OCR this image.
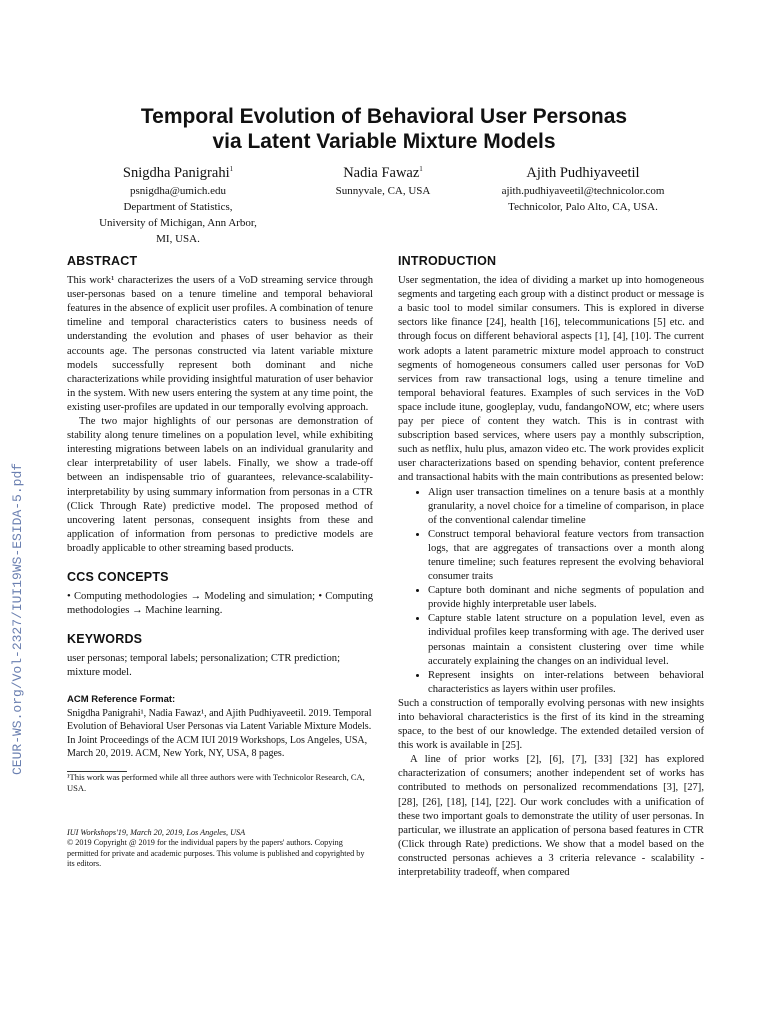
CEUR-WS.org/Vol-2327/IUI19WS-ESIDA-5.pdf
Temporal Evolution of Behavioral User Personas
via Latent Variable Mixture Models
Snigdha Panigrahi$^1$
psnigdha@umich.edu
Department of Statistics,
University of Michigan, Ann Arbor,
MI, USA.
Nadia Fawaz$^1$
Sunnyvale, CA, USA
Ajith Pudhiyaveetil
ajith.pudhiyaveetil@technicolor.com
Technicolor, Palo Alto, CA, USA.
ABSTRACT

This work¹ characterizes the users of a VoD streaming service through user-personas based on a tenure timeline and temporal behavioral features in the absence of explicit user profiles. A combination of tenure timeline and temporal characteristics caters to business needs of understanding the evolution and phases of user behavior as their accounts age. The personas constructed via latent variable mixture models successfully represent both dominant and niche characterizations while providing insightful maturation of user behavior in the system. With new users entering the system at any time point, the existing user-profiles are updated in our temporally evolving approach.

The two major highlights of our personas are demonstration of stability along tenure timelines on a population level, while exhibiting interesting migrations between labels on an individual granularity and clear interpretability of user labels. Finally, we show a trade-off between an indispensable trio of guarantees, relevance-scalability-interpretability by using summary information from personas in a CTR (Click Through Rate) predictive model. The proposed method of uncovering latent personas, consequent insights from these and application of information from personas to predictive models are broadly applicable to other streaming based products.

CCS CONCEPTS

• Computing methodologies → Modeling and simulation; • Computing methodologies → Machine learning.

KEYWORDS

user personas; temporal labels; personalization; CTR prediction; mixture model.

ACM Reference Format:

Snigdha Panigrahi¹, Nadia Fawaz¹, and Ajith Pudhiyaveetil. 2019. Temporal Evolution of Behavioral User Personas via Latent Variable Mixture Models. In Joint Proceedings of the ACM IUI 2019 Workshops, Los Angeles, USA, March 20, 2019. ACM, New York, NY, USA, 8 pages.

¹This work was performed while all three authors were with Technicolor Research, CA, USA.

IUI Workshops'19, March 20, 2019, Los Angeles, USA

© 2019 Copyright @ 2019 for the individual papers by the papers' authors. Copying permitted for private and academic purposes. This volume is published and copyrighted by its editors.

INTRODUCTION

User segmentation, the idea of dividing a market up into homogeneous segments and targeting each group with a distinct product or message is a basic tool to model similar consumers. This is explored in diverse sectors like finance [24], health [16], telecommunications [5] etc. and through focus on different behavioral aspects [1], [4], [10]. The current work adopts a latent parametric mixture model approach to construct segments of homogeneous consumers called user personas for VoD services from raw transactional logs, using a tenure timeline and temporal behavioral features. Examples of such services in the VoD space include itune, googleplay, vudu, fandangoNOW, etc; where users pay per piece of content they watch. This is in contrast with subscription based services, where users pay a monthly subscription, such as netflix, hulu plus, amazon video etc. The work provides explicit user characterizations based on spending behavior, content preference and transactional habits with the main contributions as presented below:

• Align user transaction timelines on a tenure basis at a monthly granularity, a novel choice for a timeline of comparison, in place of the conventional calendar timeline
• Construct temporal behavioral feature vectors from transaction logs, that are aggregates of transactions over a month along tenure timeline; such features represent the evolving behavioral consumer traits
• Capture both dominant and niche segments of population and provide highly interpretable user labels.
• Capture stable latent structure on a population level, even as individual profiles keep transforming with age. The derived user personas maintain a consistent clustering over time while accurately explaining the changes on an individual level.
• Represent insights on inter-relations between behavioral characteristics as layers within user profiles.

Such a construction of temporally evolving personas with new insights into behavioral characteristics is the first of its kind in the streaming space, to the best of our knowledge. The extended detailed version of this work is available in [25].

A line of prior works [2], [6], [7], [33] [32] has explored characterization of consumers; another independent set of works has contributed to methods on personalized recommendations [3], [27], [28], [26], [18], [14], [22]. Our work concludes with a unification of these two important goals to demonstrate the utility of user personas. In particular, we illustrate an application of persona based features in CTR (Click through Rate) predictions. We show that a model based on the constructed personas achieves a 3 criteria relevance - scalability - interpretability tradeoff, when compared
